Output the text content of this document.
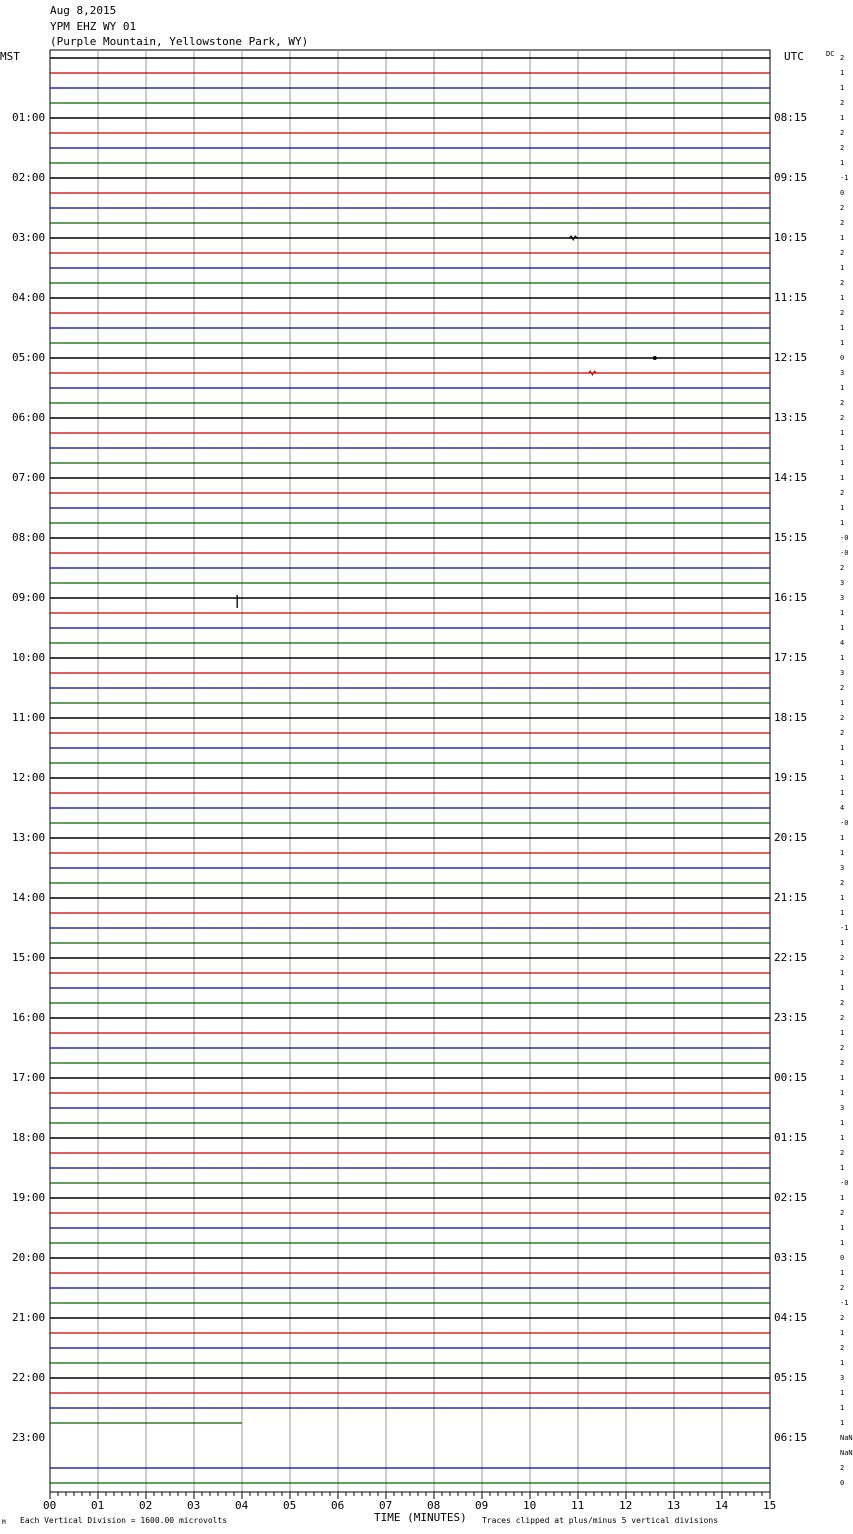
Aug 8,2015
YPM EHZ WY 01
(Purple Mountain, Yellowstone Park, WY)
MST	UTC	DC 2
1
1
2
1
2
2
1
-1
0
2
2
1
2
1
2
1
2
1
1
0
3
1
2
2
1
1
1
1
2
1
1
-0
-0
2
3
3
1
1
4
1
3
2
1
2
2
1
1
1
1
4
-0
1
1
3
2
1
1
-1
1
2
1
1
2
2
1
2
2
1
1
3
1
1
2
1
-0
1
2
1
1
0
1
2
-1
2
1
2
1
3
1
1
1
NaN
NaN
2
0
01:00
02:00
03:00
04:00
05:00
06:00
07:00
08:00
09:00
10:00
11:00
12:00
13:00
14:00
15:00
16:00
17:00
18:00
19:00
20:00
21:00
22:00
23:00
08:15
09:15
10:15
11:15
12:15
13:15
14:15
15:15
16:15
17:15
18:15
19:15
20:15
21:15
22:15
23:15
00:15
01:15
02:15
03:15
04:15
05:15
06:15
00	01	02	03	04	05	06	07	08	09	10	11	12	13	14	15
TIME (MINUTES)
Each Vertical Division = 1600.00 microvolts	Traces clipped at plus/minus 5 vertical divisions
M
